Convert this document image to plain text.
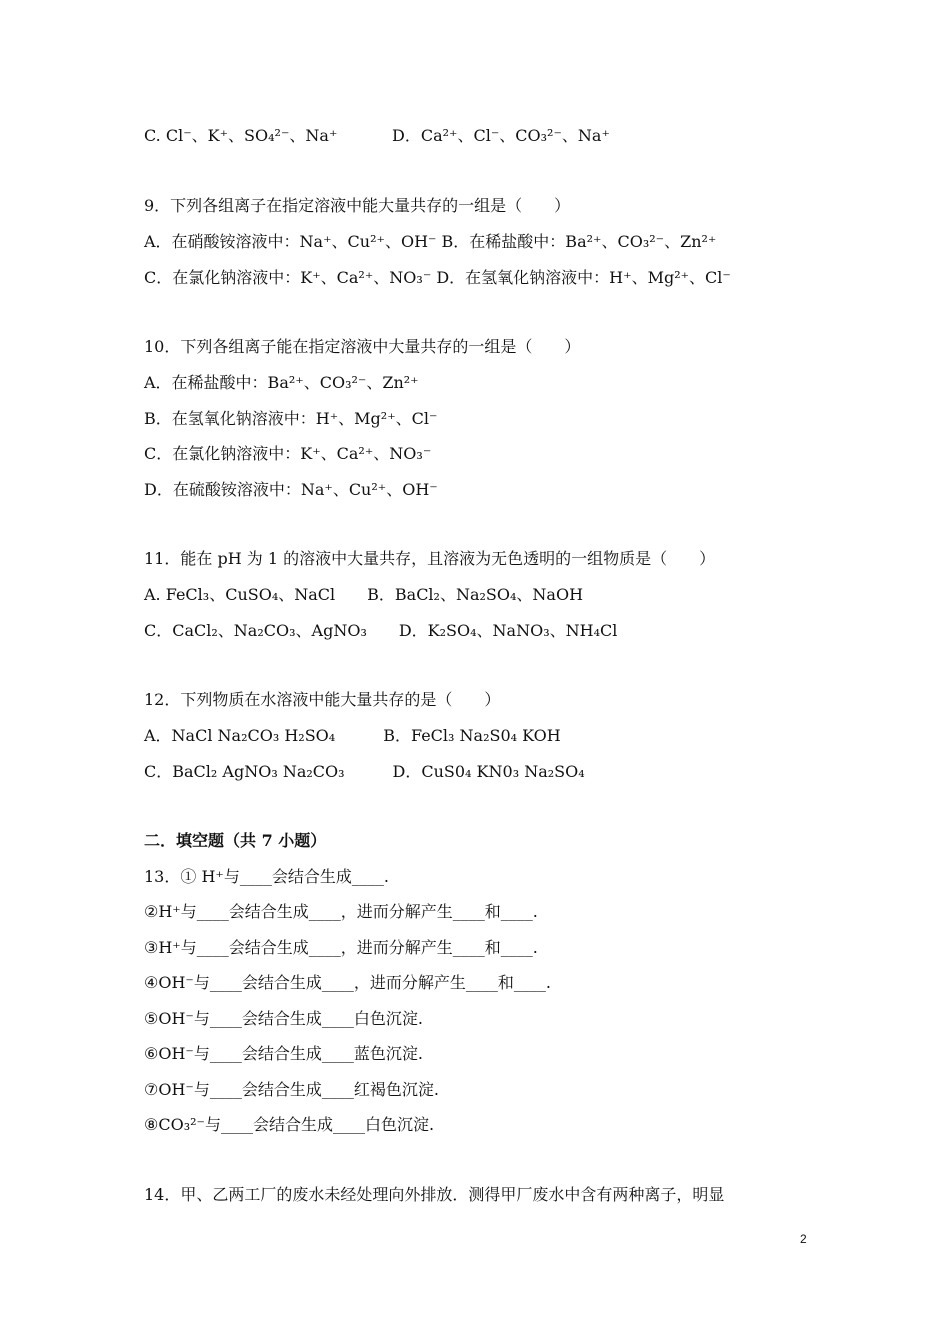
C. Cl⁻、K⁺、SO₄²⁻、Na⁺	D．Ca²⁺、Cl⁻、CO₃²⁻、Na⁺
9．下列各组离子在指定溶液中能大量共存的一组是（　　）
A．在硝酸铵溶液中：Na⁺、Cu²⁺、OH⁻ B．在稀盐酸中：Ba²⁺、CO₃²⁻、Zn²⁺
C．在氯化钠溶液中：K⁺、Ca²⁺、NO₃⁻ D．在氢氧化钠溶液中：H⁺、Mg²⁺、Cl⁻
10．下列各组离子能在指定溶液中大量共存的一组是（　　）
A．在稀盐酸中：Ba²⁺、CO₃²⁻、Zn²⁺
B．在氢氧化钠溶液中：H⁺、Mg²⁺、Cl⁻
C．在氯化钠溶液中：K⁺、Ca²⁺、NO₃⁻
D．在硫酸铵溶液中：Na⁺、Cu²⁺、OH⁻
11．能在 pH 为 1 的溶液中大量共存，且溶液为无色透明的一组物质是（　　）
A. FeCl₃、CuSO₄、NaCl　　B．BaCl₂、Na₂SO₄、NaOH
C．CaCl₂、Na₂CO₃、AgNO₃　　D．K₂SO₄、NaNO₃、NH₄Cl
12．下列物质在水溶液中能大量共存的是（　　）
A．NaCl Na₂CO₃ H₂SO₄　　　B．FeCl₃ Na₂S0₄ KOH
C．BaCl₂ AgNO₃ Na₂CO₃　　　D．CuS0₄ KN0₃ Na₂SO₄
二．填空题（共 7 小题）
13．① H⁺与____会结合生成____.
②H⁺与____会结合生成____，进而分解产生____和____.
③H⁺与____会结合生成____，进而分解产生____和____.
④OH⁻与____会结合生成____，进而分解产生____和____.
⑤OH⁻与____会结合生成____白色沉淀.
⑥OH⁻与____会结合生成____蓝色沉淀.
⑦OH⁻与____会结合生成____红褐色沉淀.
⑧CO₃²⁻与____会结合生成____白色沉淀.
14．甲、乙两工厂的废水未经处理向外排放．测得甲厂废水中含有两种离子，明显
2
